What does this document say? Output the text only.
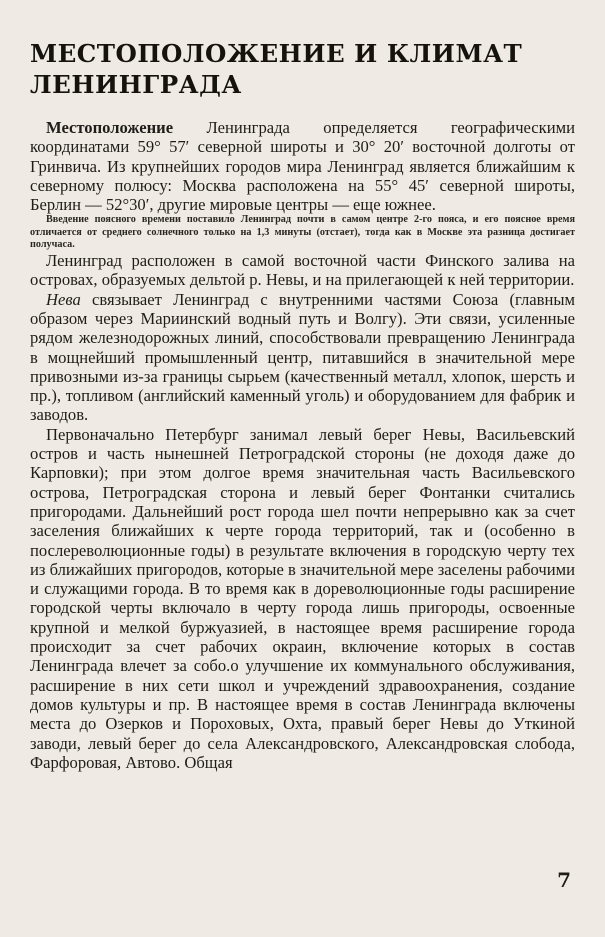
МЕСТОПОЛОЖЕНИЕ И КЛИМАТ
ЛЕНИНГРАДА

Местоположение Ленинграда определяется географическими координатами 59° 57′ северной широты и 30° 20′ восточной долготы от Гринвича. Из крупнейших городов мира Ленинград является ближайшим к северному полюсу: Москва расположена на 55° 45′ северной широты, Берлин — 52°30′, другие мировые центры — еще южнее.

Введение поясного времени поставило Ленинград почти в самом центре 2-го пояса, и его поясное время отличается от среднего солнечного только на 1,3 минуты (отстает), тогда как в Москве эта разница достигает получаса.

Ленинград расположен в самой восточной части Финского залива на островах, образуемых дельтой р. Невы, и на прилегающей к ней территории.

Нева связывает Ленинград с внутренними частями Союза (главным образом через Мариинский водный путь и Волгу). Эти связи, усиленные рядом железнодорожных линий, способствовали превращению Ленинграда в мощнейший промышленный центр, питавшийся в значительной мере привозными из-за границы сырьем (качественный металл, хлопок, шерсть и пр.), топливом (английский каменный уголь) и оборудованием для фабрик и заводов.

Первоначально Петербург занимал левый берег Невы, Васильевский остров и часть нынешней Петроградской стороны (не доходя даже до Карповки); при этом долгое время значительная часть Васильевского острова, Петроградская сторона и левый берег Фонтанки считались пригородами. Дальнейший рост города шел почти непрерывно как за счет заселения ближайших к черте города территорий, так и (особенно в послереволюционные годы) в результате включения в городскую черту тех из ближайших пригородов, которые в значительной мере заселены рабочими и служащими города. В то время как в дореволюционные годы расширение городской черты включало в черту города лишь пригороды, освоенные крупной и мелкой буржуазией, в настоящее время расширение города происходит за счет рабочих окраин, включение которых в состав Ленинграда влечет за собо.о улучшение их коммунального обслуживания, расширение в них сети школ и учреждений здравоохранения, создание домов культуры и пр. В настоящее время в состав Ленинграда включены места до Озерков и Пороховых, Охта, правый берег Невы до Уткиной заводи, левый берег до села Александровского, Александровская слобода, Фарфоровая, Автово. Общая

7
